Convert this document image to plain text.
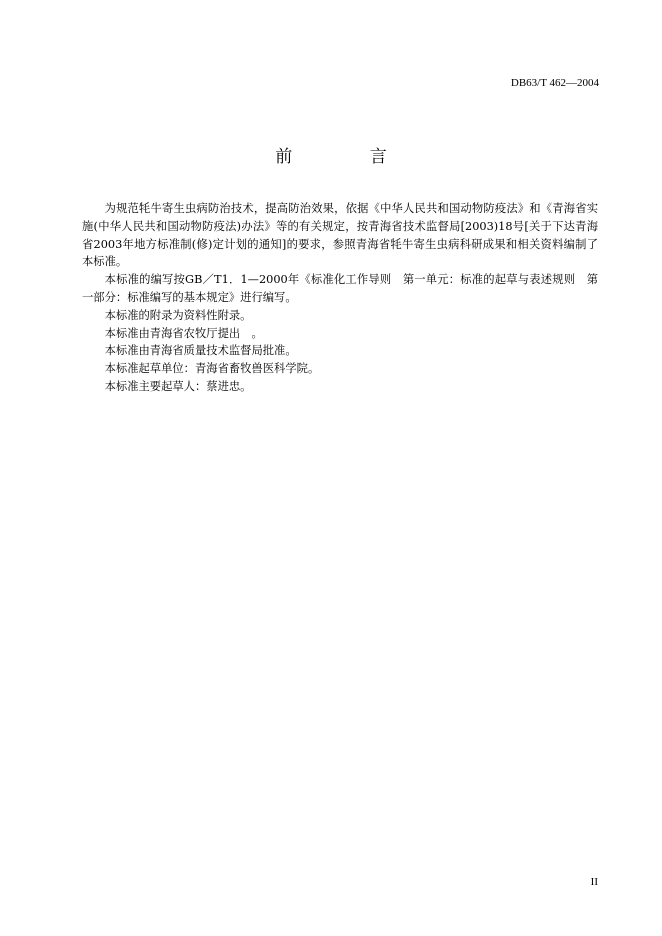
DB63/T 462—2004
前 言

为规范牦牛寄生虫病防治技术，提高防治效果，依据《中华人民共和国动物防疫法》和《青海省实施(中华人民共和国动物防疫法)办法》等的有关规定，按青海省技术监督局[2003)18号[关于下达青海省2003年地方标准制(修)定计划的通知]的要求，参照青海省牦牛寄生虫病科研成果和相关资料编制了本标准。

本标准的编写按GB／T1．1—2000年《标准化工作导则　第一单元：标准的起草与表述规则　第一部分：标准编写的基本规定》进行编写。

本标准的附录为资料性附录。

本标准由青海省农牧厅提出　。

本标准由青海省质量技术监督局批准。

本标准起草单位：青海省畜牧兽医科学院。

本标准主要起草人：蔡进忠。

II
